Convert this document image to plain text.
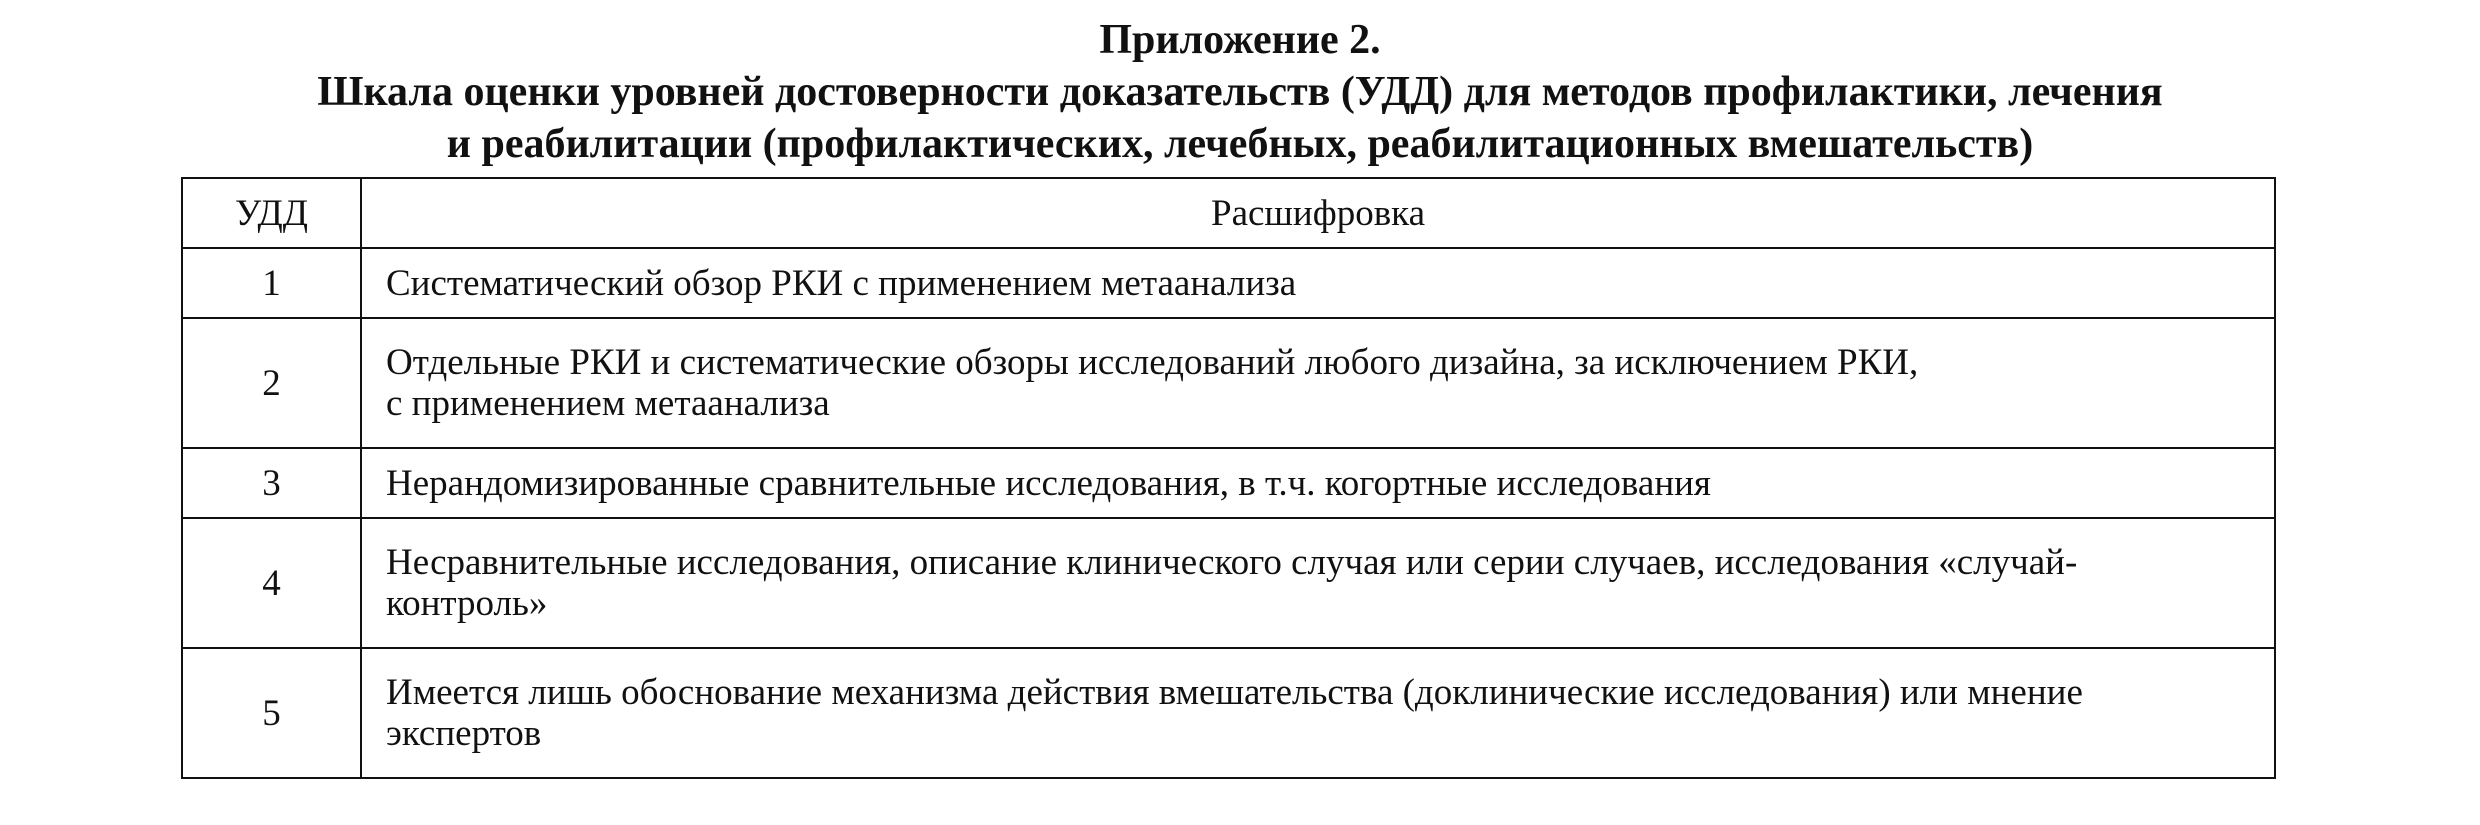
Приложение 2.
Шкала оценки уровней достоверности доказательств (УДД) для методов профилактики, лечения
и реабилитации (профилактических, лечебных, реабилитационных вмешательств)
УДД	Расшифровка
1	Систематический обзор РКИ с применением метаанализа

2	Отдельные РКИ и систематические обзоры исследований любого дизайна, за исключением РКИ,
с применением метаанализа

3	Нерандомизированные сравнительные исследования, в т.ч. когортные исследования

4	Несравнительные исследования, описание клинического случая или серии случаев, исследования «случай-
контроль»

5	Имеется лишь обоснование механизма действия вмешательства (доклинические исследования) или мнение
экспертов
